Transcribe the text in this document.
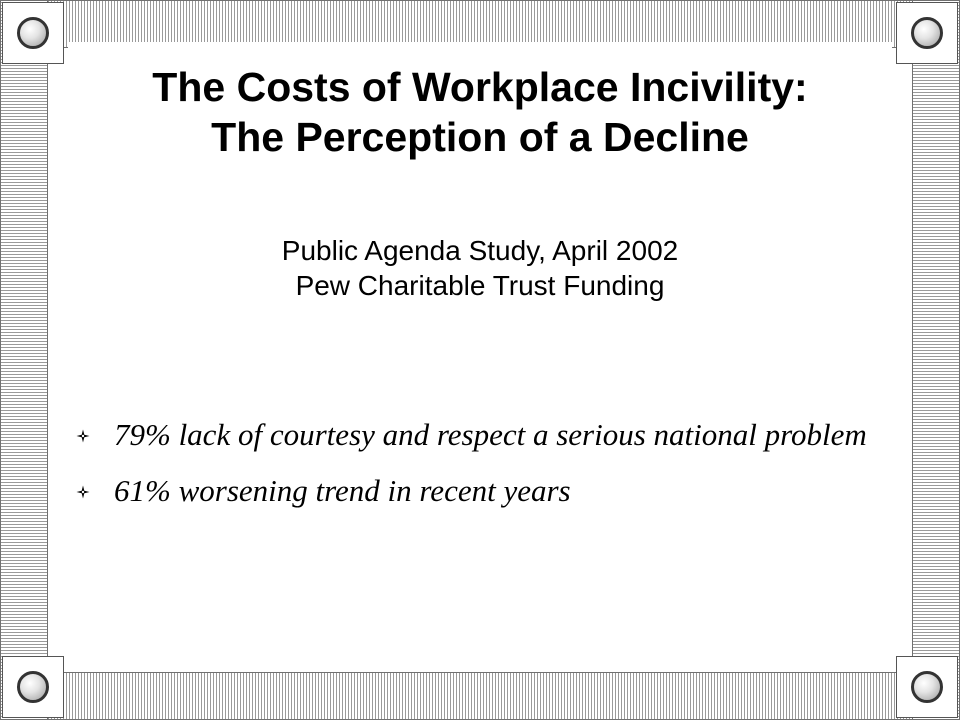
The Costs of Workplace Incivility:
The Perception of a Decline
Public Agenda Study, April 2002
Pew Charitable Trust Funding
79% lack of courtesy and respect a serious national problem
61% worsening trend in recent years
